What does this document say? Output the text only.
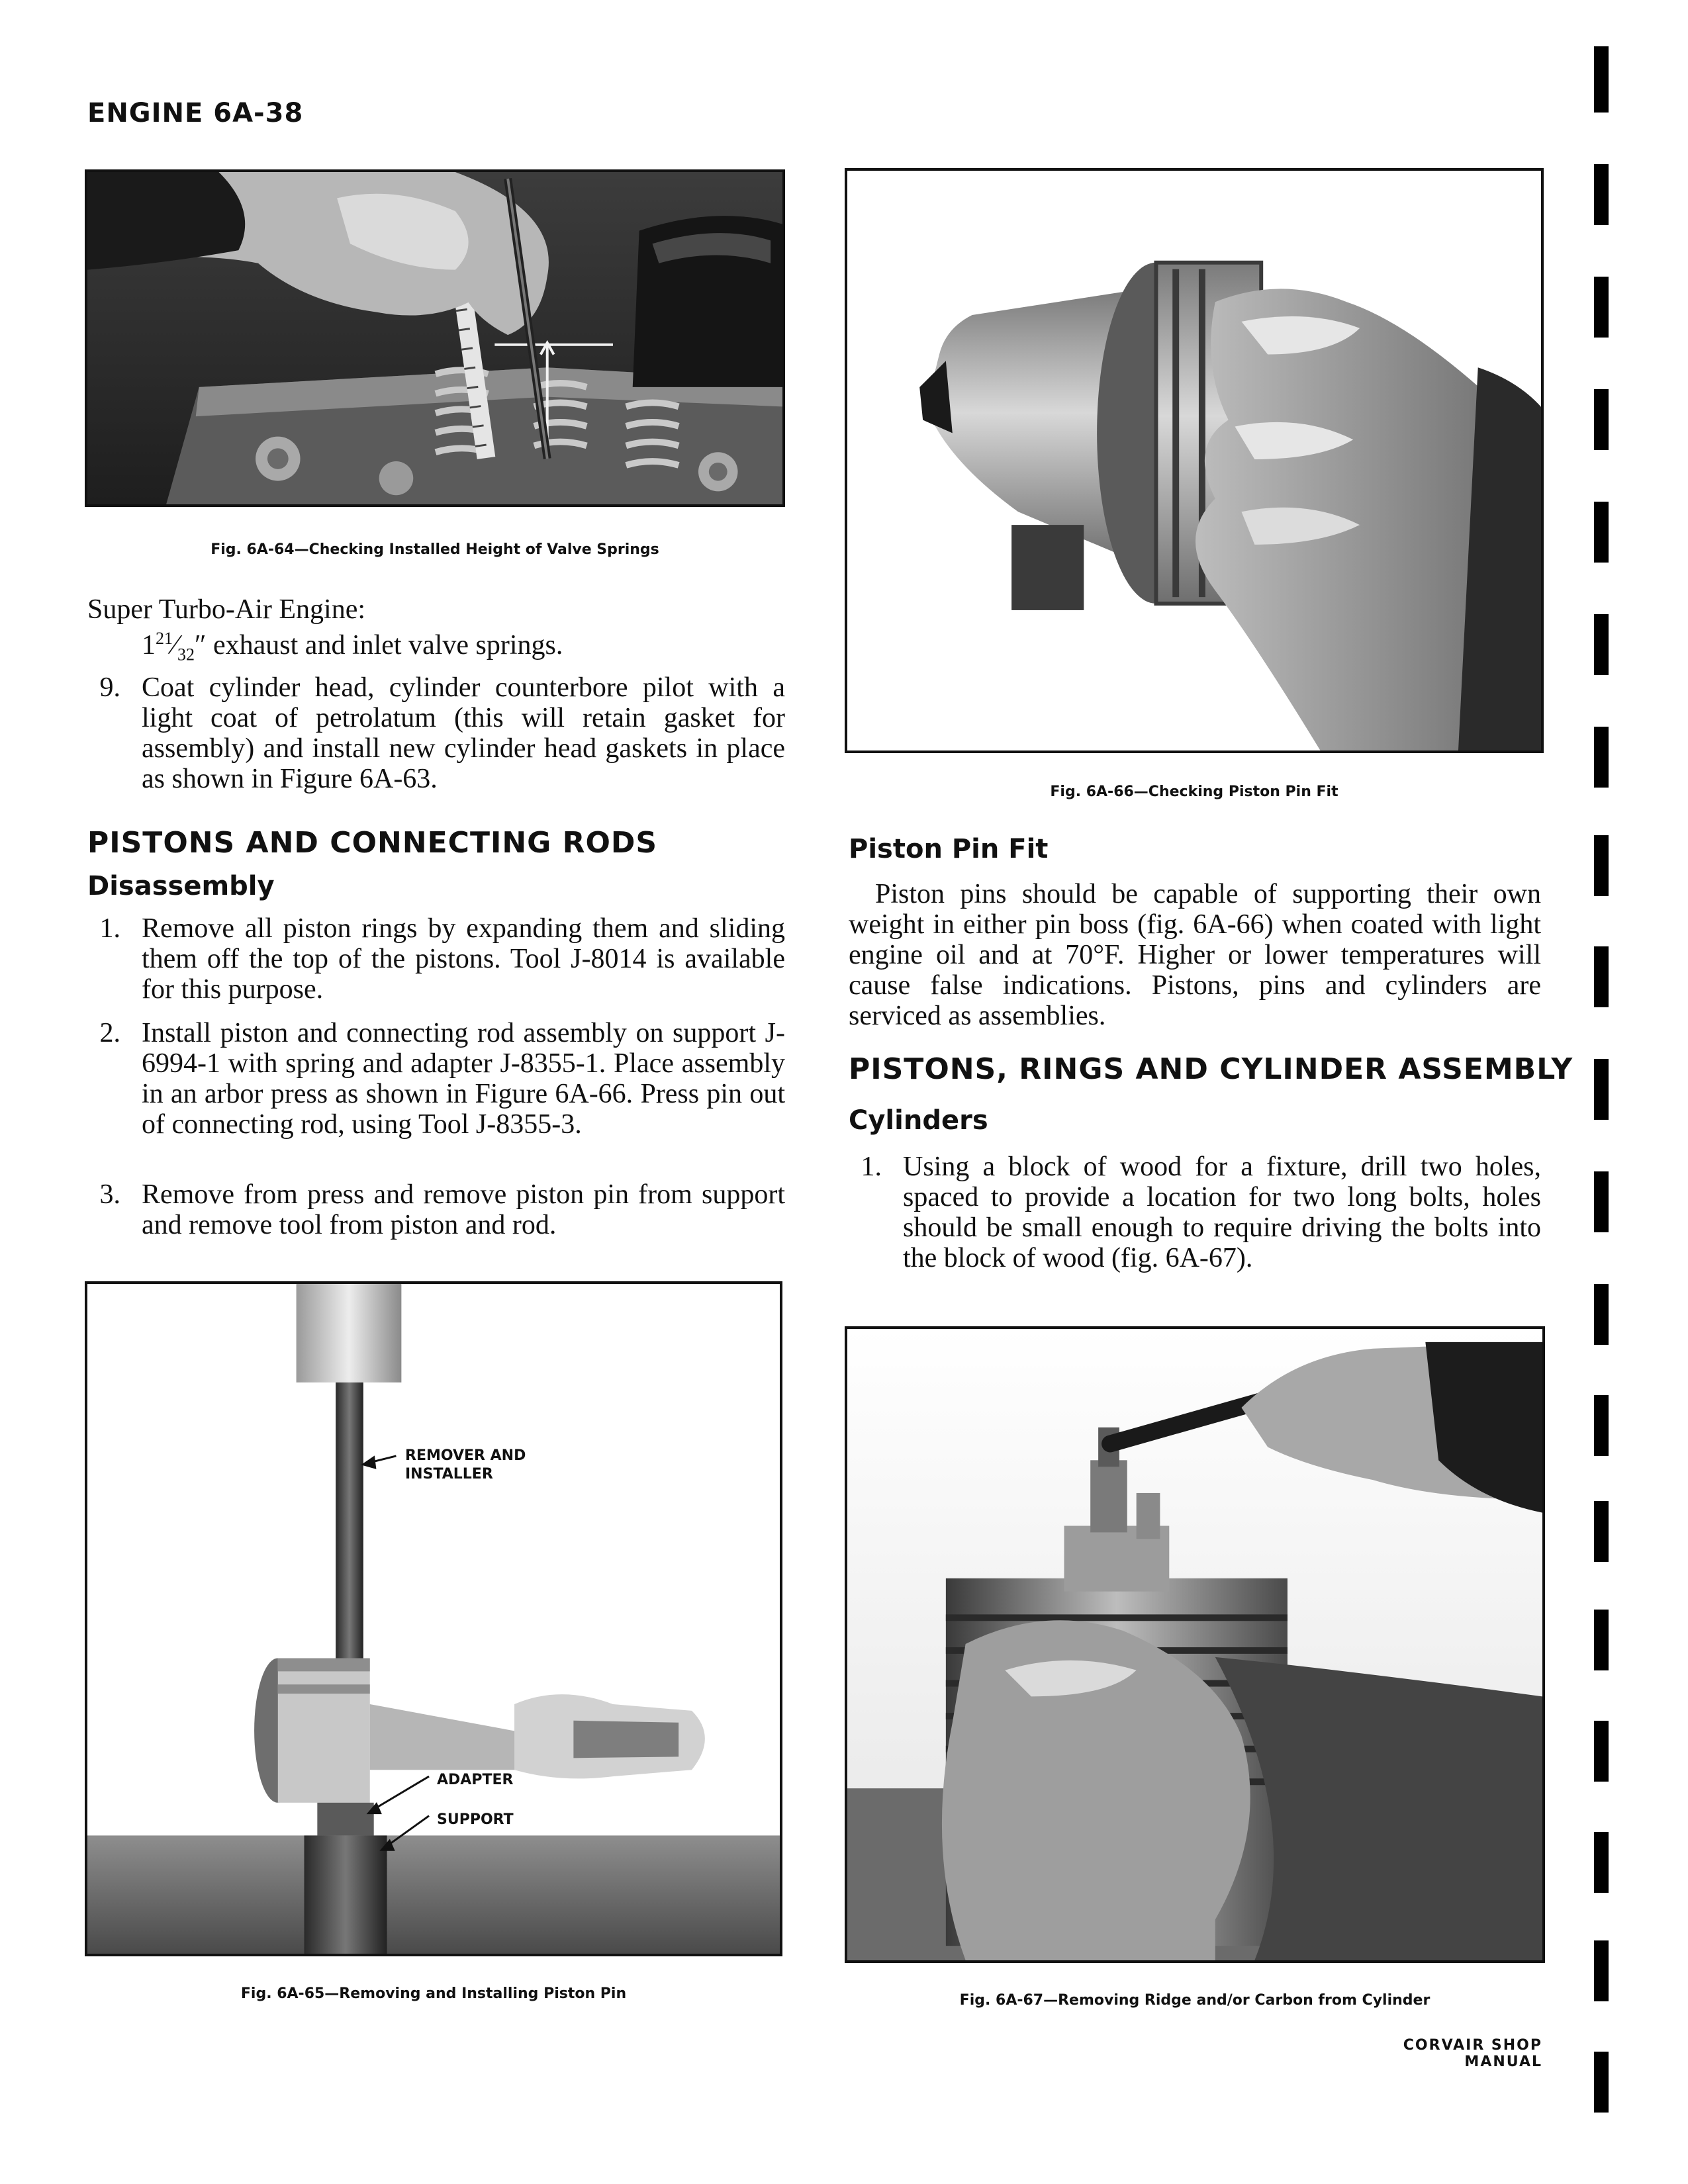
ENGINE 6A-38
Fig. 6A-64—Checking Installed Height of Valve Springs
Super Turbo-Air Engine:
$1^{21}⁄_{32}''$ exhaust and inlet valve springs.
9. Coat cylinder head, cylinder counterbore pilot with a light coat of petrolatum (this will retain gasket for assembly) and install new cylinder head gaskets in place as shown in Figure 6A-63.
PISTONS AND CONNECTING RODS
Disassembly
1. Remove all piston rings by expanding them and sliding them off the top of the pistons. Tool J-8014 is available for this purpose.
2. Install piston and connecting rod assembly on support J-6994-1 with spring and adapter J-8355-1. Place assembly in an arbor press as shown in Figure 6A-66. Press pin out of connecting rod, using Tool J-8355-3.
3. Remove from press and remove piston pin from support and remove tool from piston and rod.
REMOVER AND
INSTALLER
ADAPTER
SUPPORT
Fig. 6A-65—Removing and Installing Piston Pin
Fig. 6A-66—Checking Piston Pin Fit
Piston Pin Fit
Piston pins should be capable of supporting their own weight in either pin boss (fig. 6A-66) when coated with light engine oil and at 70°F. Higher or lower temperatures will cause false indications. Pistons, pins and cylinders are serviced as assemblies.
PISTONS, RINGS AND CYLINDER ASSEMBLY
Cylinders
1. Using a block of wood for a fixture, drill two holes, spaced to provide a location for two long bolts, holes should be small enough to require driving the bolts into the block of wood (fig. 6A-67).
Fig. 6A-67—Removing Ridge and/or Carbon from Cylinder
CORVAIR SHOP MANUAL
